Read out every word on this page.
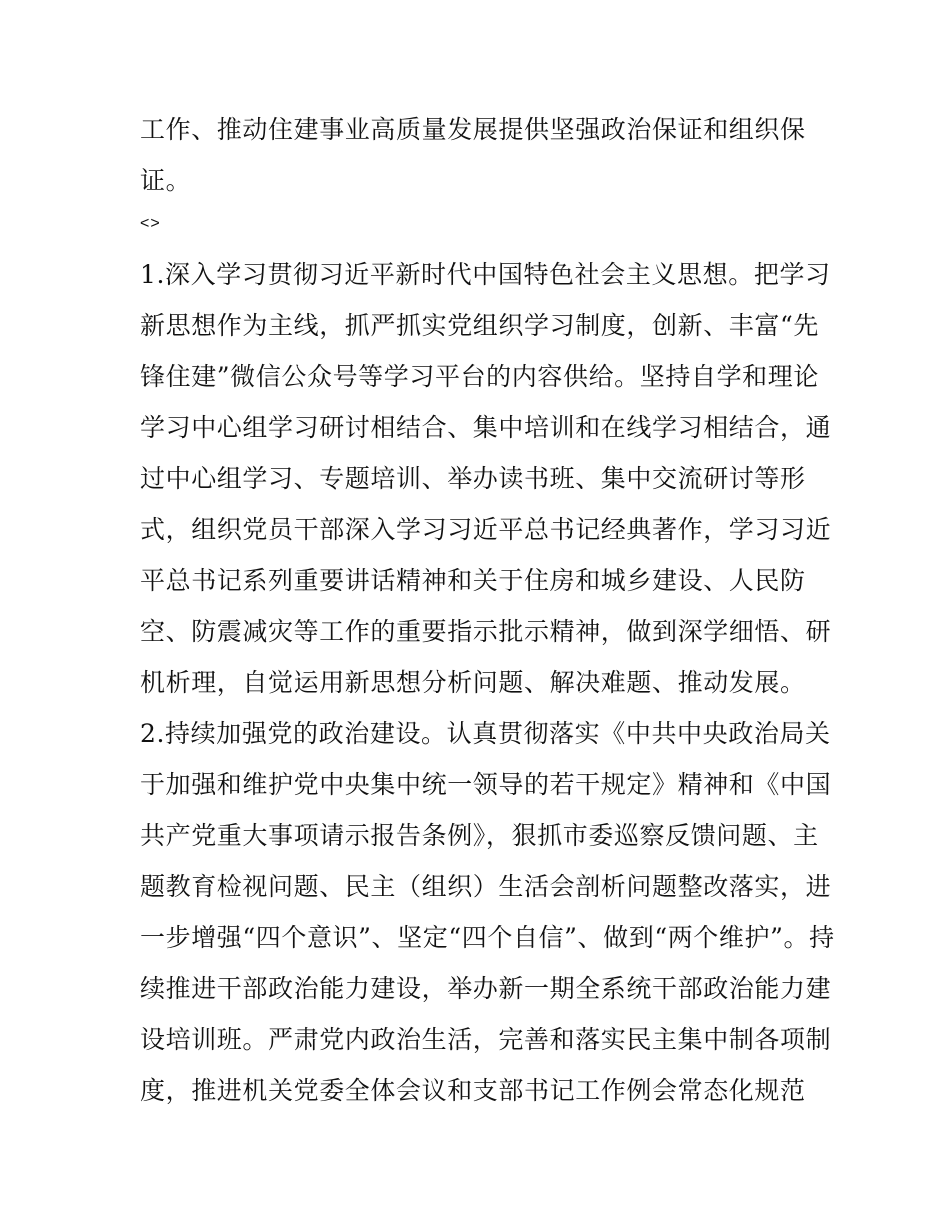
工作、推动住建事业高质量发展提供坚强政治保证和组织保
证。
<>
1.深入学习贯彻习近平新时代中国特色社会主义思想。把学习
新思想作为主线，抓严抓实党组织学习制度，创新、丰富“先
锋住建”微信公众号等学习平台的内容供给。坚持自学和理论
学习中心组学习研讨相结合、集中培训和在线学习相结合，通
过中心组学习、专题培训、举办读书班、集中交流研讨等形
式，组织党员干部深入学习习近平总书记经典著作，学习习近
平总书记系列重要讲话精神和关于住房和城乡建设、人民防
空、防震减灾等工作的重要指示批示精神，做到深学细悟、研
机析理，自觉运用新思想分析问题、解决难题、推动发展。
2.持续加强党的政治建设。认真贯彻落实《中共中央政治局关
于加强和维护党中央集中统一领导的若干规定》精神和《中国
共产党重大事项请示报告条例》，狠抓市委巡察反馈问题、主
题教育检视问题、民主（组织）生活会剖析问题整改落实，进
一步增强“四个意识”、坚定“四个自信”、做到“两个维护”。持
续推进干部政治能力建设，举办新一期全系统干部政治能力建
设培训班。严肃党内政治生活，完善和落实民主集中制各项制
度，推进机关党委全体会议和支部书记工作例会常态化规范
